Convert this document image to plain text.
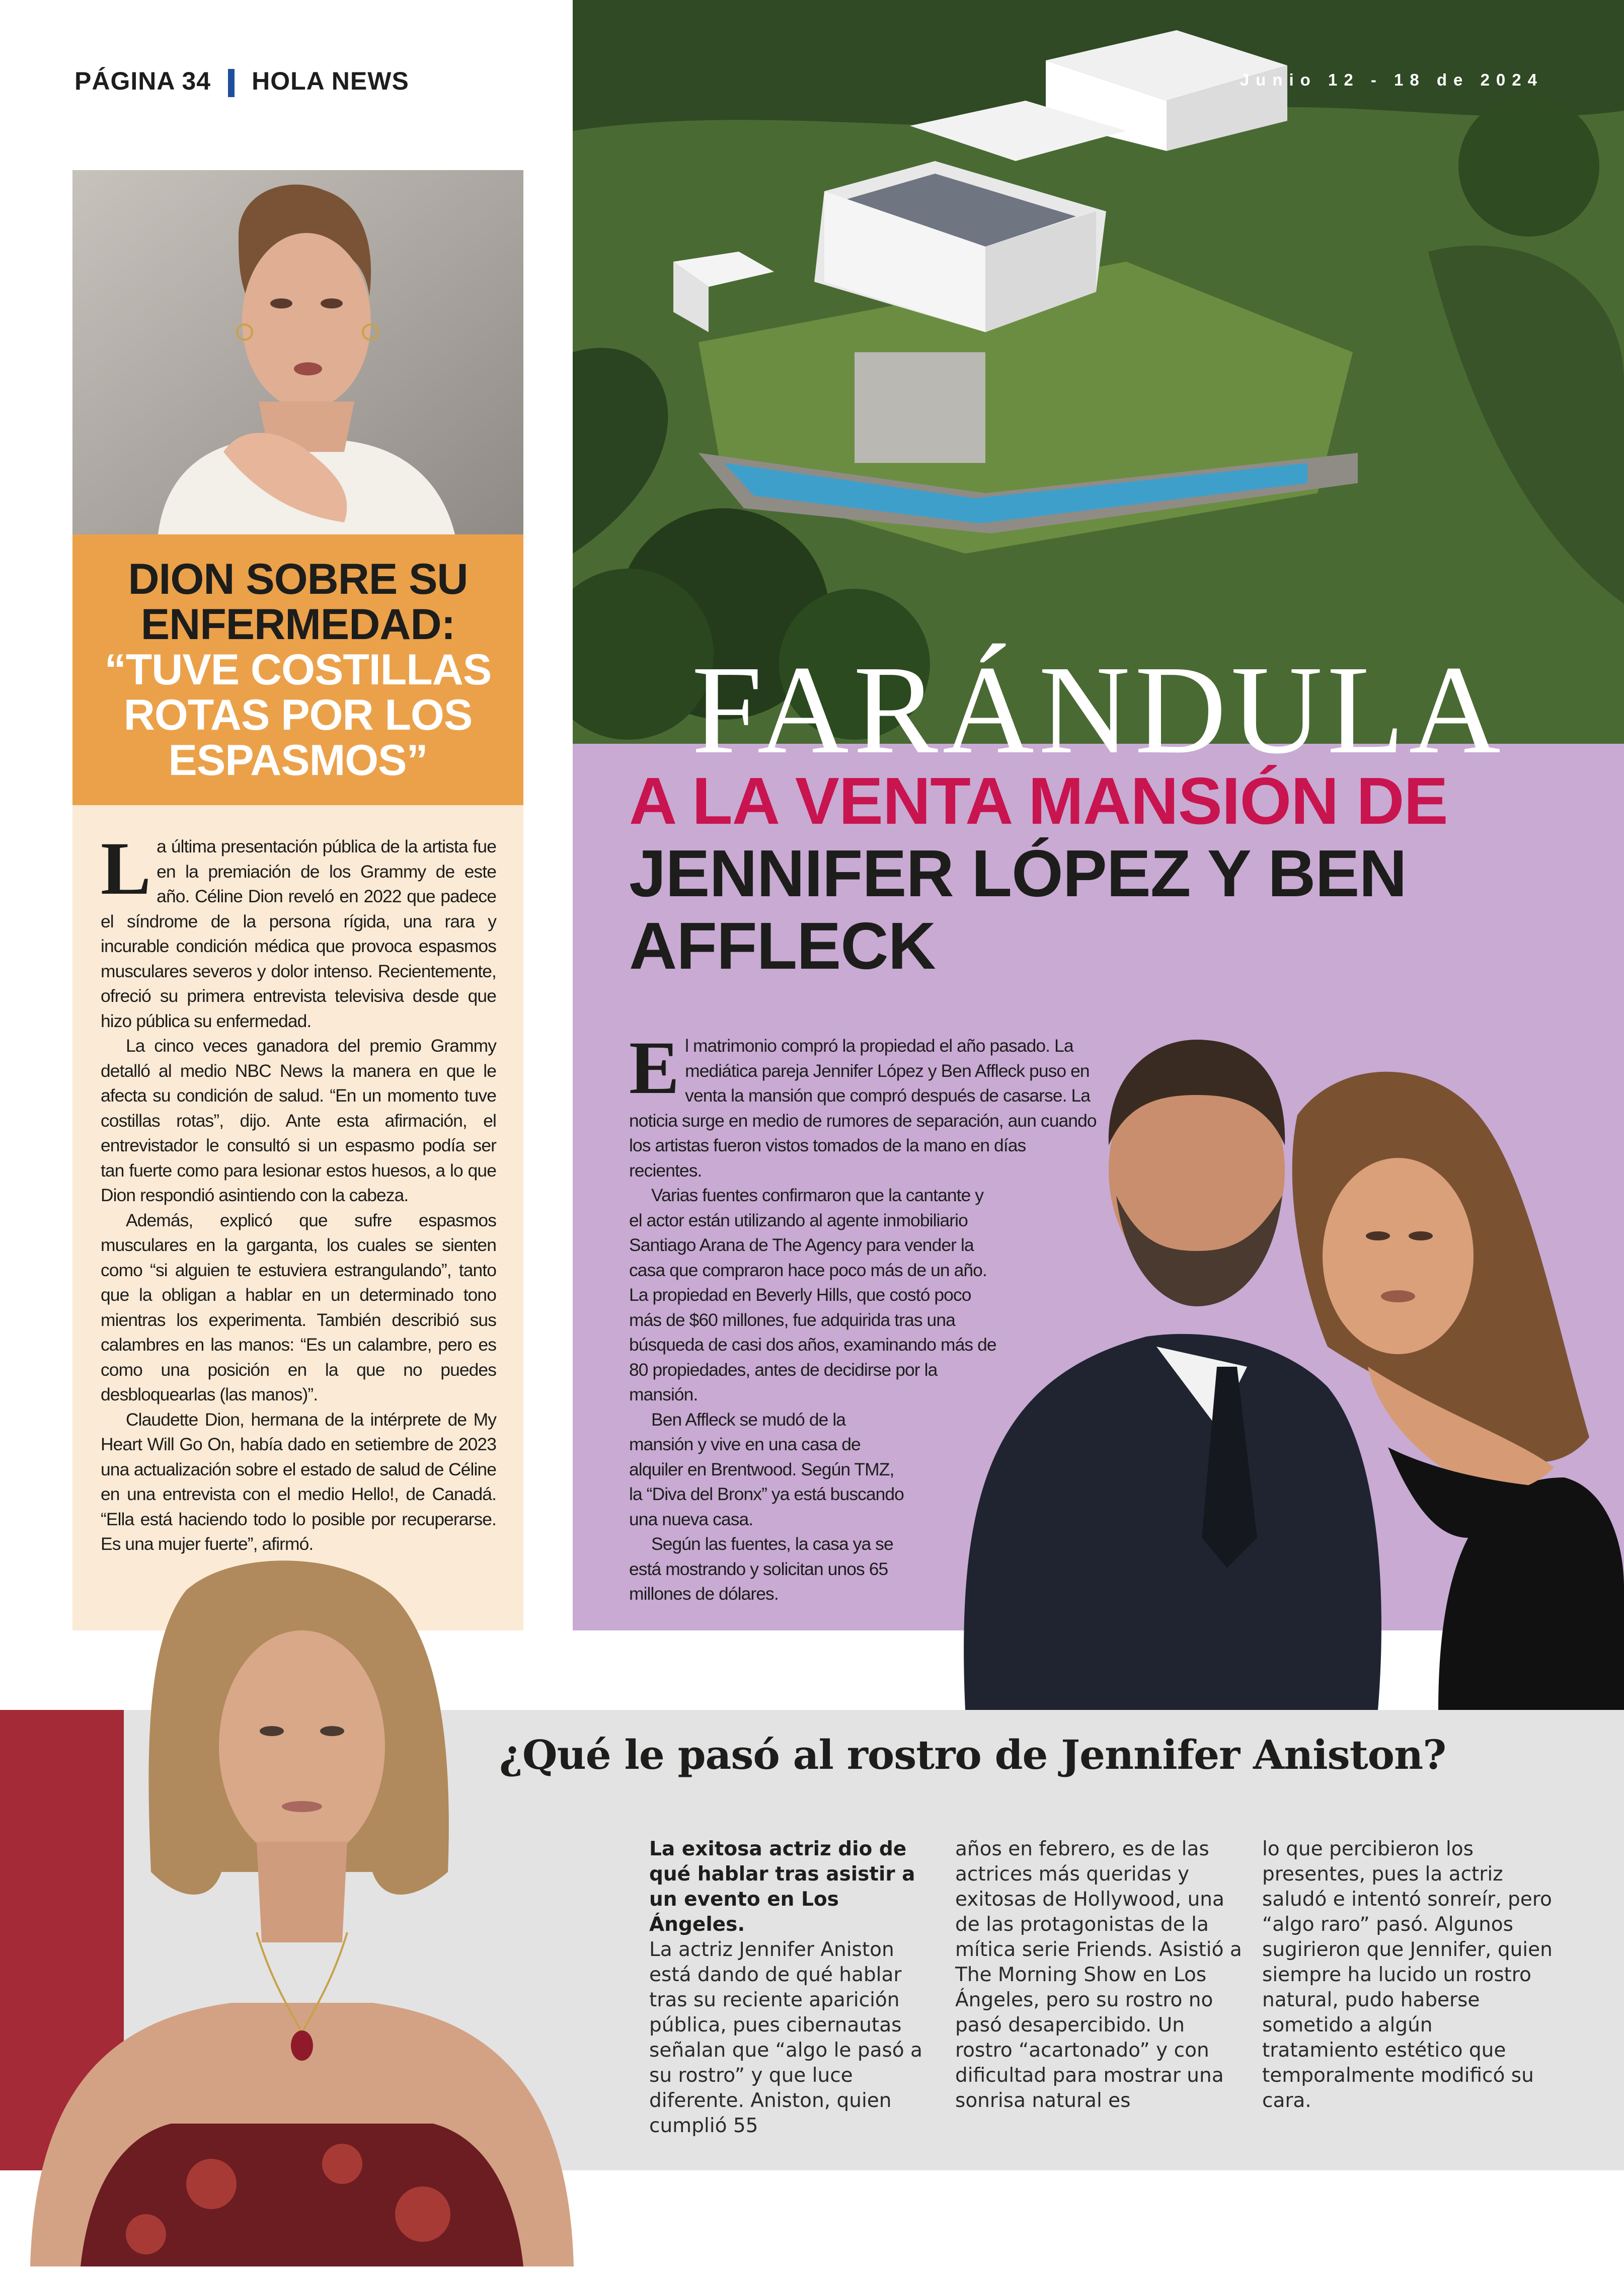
PÁGINA 34 HOLA NEWS	Junio 12 - 18 de 2024
DION SOBRE SU ENFERMEDAD:
“TUVE COSTILLAS ROTAS POR LOS ESPASMOS”

La última presentación pública de la artista fue en la premiación de los Grammy de este año. Céline Dion reveló en 2022 que padece el síndrome de la persona rígida, una rara y incurable condición médica que provoca espasmos musculares severos y dolor intenso. Recientemente, ofreció su primera entrevista televisiva desde que hizo pública su enfermedad.

La cinco veces ganadora del premio Grammy detalló al medio NBC News la manera en que le afecta su condición de salud. “En un momento tuve costillas rotas”, dijo. Ante esta afirmación, el entrevistador le consultó si un espasmo podía ser tan fuerte como para lesionar estos huesos, a lo que Dion respondió asintiendo con la cabeza.

Además, explicó que sufre espasmos musculares en la garganta, los cuales se sienten como “si alguien te estuviera estrangulando”, tanto que la obligan a hablar en un determinado tono mientras los experimenta. También describió sus calambres en las manos: “Es un calambre, pero es como una posición en la que no puedes desbloquearlas (las manos)”.

Claudette Dion, hermana de la intérprete de My Heart Will Go On, había dado en setiembre de 2023 una actualización sobre el estado de salud de Céline en una entrevista con el medio Hello!, de Canadá. “Ella está haciendo todo lo posible por recuperarse. Es una mujer fuerte”, afirmó.

FARÁNDULA
A LA VENTA MANSIÓN DE JENNIFER LÓPEZ Y BEN AFFLECK

El matrimonio compró la propiedad el año pasado. La mediática pareja Jennifer López y Ben Affleck puso en venta la mansión que compró después de casarse. La noticia surge en medio de rumores de separación, aun cuando los artistas fueron vistos tomados de la mano en días recientes.

Varias fuentes confirmaron que la cantante y el actor están utilizando al agente inmobiliario Santiago Arana de The Agency para vender la casa que compraron hace poco más de un año. La propiedad en Beverly Hills, que costó poco más de $60 millones, fue adquirida tras una búsqueda de casi dos años, examinando más de 80 propiedades, antes de decidirse por la mansión.

Ben Affleck se mudó de la mansión y vive en una casa de alquiler en Brentwood. Según TMZ, la “Diva del Bronx” ya está buscando una nueva casa.

Según las fuentes, la casa ya se está mostrando y solicitan unos 65 millones de dólares.

¿Qué le pasó al rostro de Jennifer Aniston?

La exitosa actriz dio de qué hablar tras asistir a un evento en Los Ángeles.

La actriz Jennifer Aniston está dando de qué hablar tras su reciente aparición pública, pues cibernautas señalan que “algo le pasó a su rostro” y que luce diferente. Aniston, quien cumplió 55

años en febrero, es de las actrices más queridas y exitosas de Hollywood, una de las protagonistas de la mítica serie Friends. Asistió a The Morning Show en Los Ángeles, pero su rostro no pasó desapercibido. Un rostro “acartonado” y con dificultad para mostrar una sonrisa natural es

lo que percibieron los presentes, pues la actriz saludó e intentó sonreír, pero “algo raro” pasó. Algunos sugirieron que Jennifer, quien siempre ha lucido un rostro natural, pudo haberse sometido a algún tratamiento estético que temporalmente modificó su cara.
